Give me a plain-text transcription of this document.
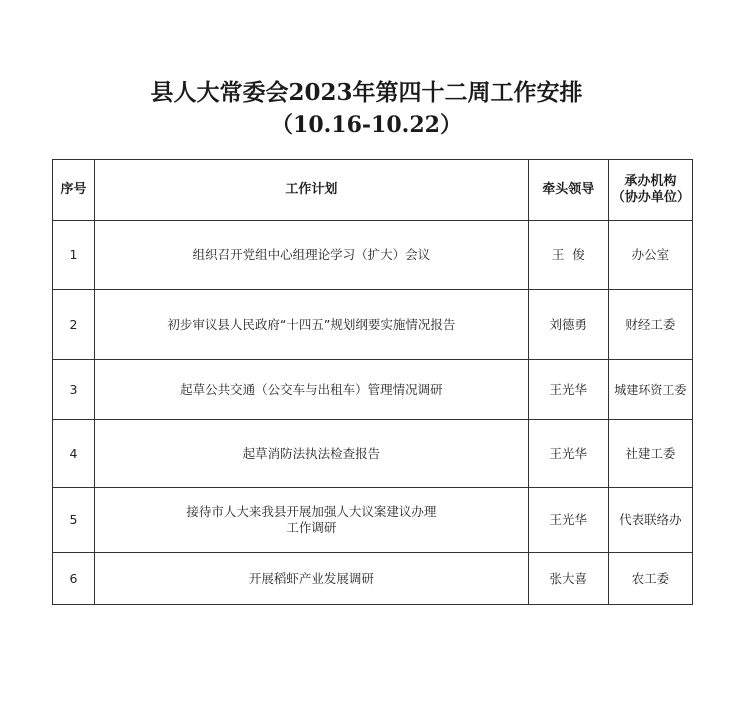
县人大常委会2023年第四十二周工作安排
（10.16-10.22）
序号	工作计划	牵头领导	承办机构（协办单位）
1	组织召开党组中心组理论学习（扩大）会议	王  俊	办公室
2	初步审议县人民政府“十四五”规划纲要实施情况报告	刘德勇	财经工委
3	起草公共交通（公交车与出租车）管理情况调研	王光华	城建环资工委
4	起草消防法执法检查报告	王光华	社建工委
5	接待市人大来我县开展加强人大议案建议办理工作调研	王光华	代表联络办
6	开展稻虾产业发展调研	张大喜	农工委
